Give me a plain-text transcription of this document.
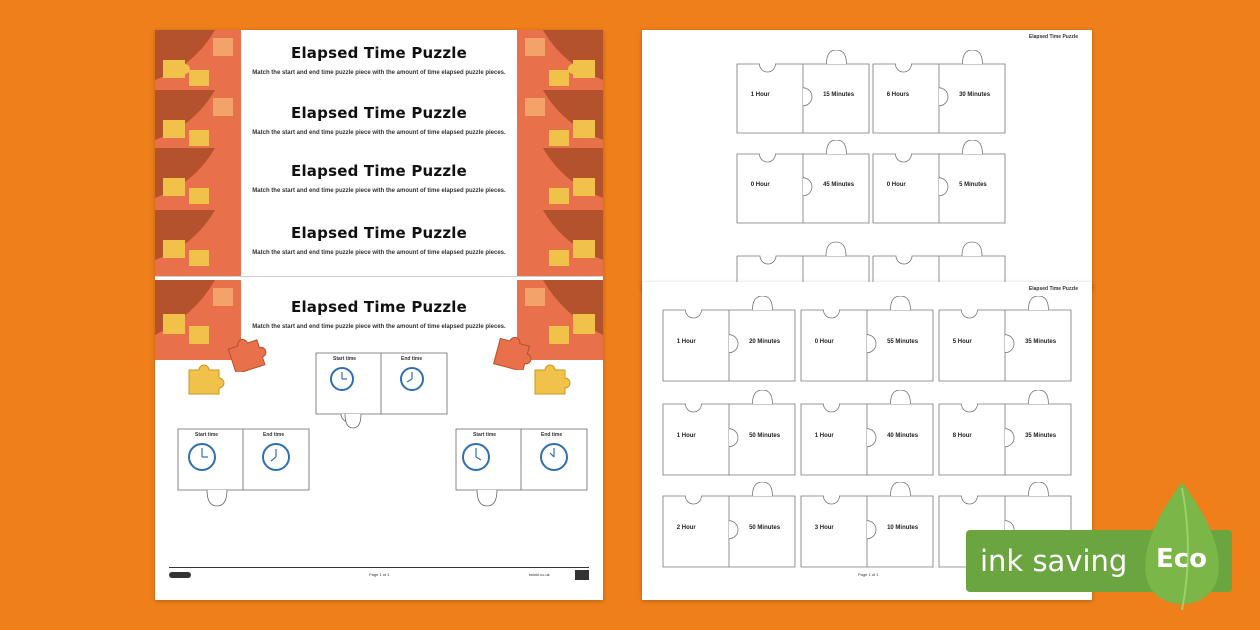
Elapsed Time Puzzle
Match the start and end time puzzle piece with the amount of time elapsed puzzle pieces.
Elapsed Time Puzzle
Match the start and end time puzzle piece with the amount of time elapsed puzzle pieces.
Elapsed Time Puzzle
Match the start and end time puzzle piece with the amount of time elapsed puzzle pieces.
Elapsed Time Puzzle
Match the start and end time puzzle piece with the amount of time elapsed puzzle pieces.
Elapsed Time Puzzle
Match the start and end time puzzle piece with the amount of time elapsed puzzle pieces.
Start time	End time
Start time	End time	Start time	End time
Page 1 of 1	twinkl.co.uk
Elapsed Time Puzzle
1 Hour	15 Minutes	6 Hours	30 Minutes
0 Hour	45 Minutes	0 Hour	5 Minutes
Elapsed Time Puzzle
1 Hour	20 Minutes	0 Hour	55 Minutes	5 Hour	35 Minutes
1 Hour	50 Minutes	1 Hour	40 Minutes	8 Hour	35 Minutes
2 Hour	50 Minutes	3 Hour	10 Minutes
Page 1 of 1	ink saving Eco
